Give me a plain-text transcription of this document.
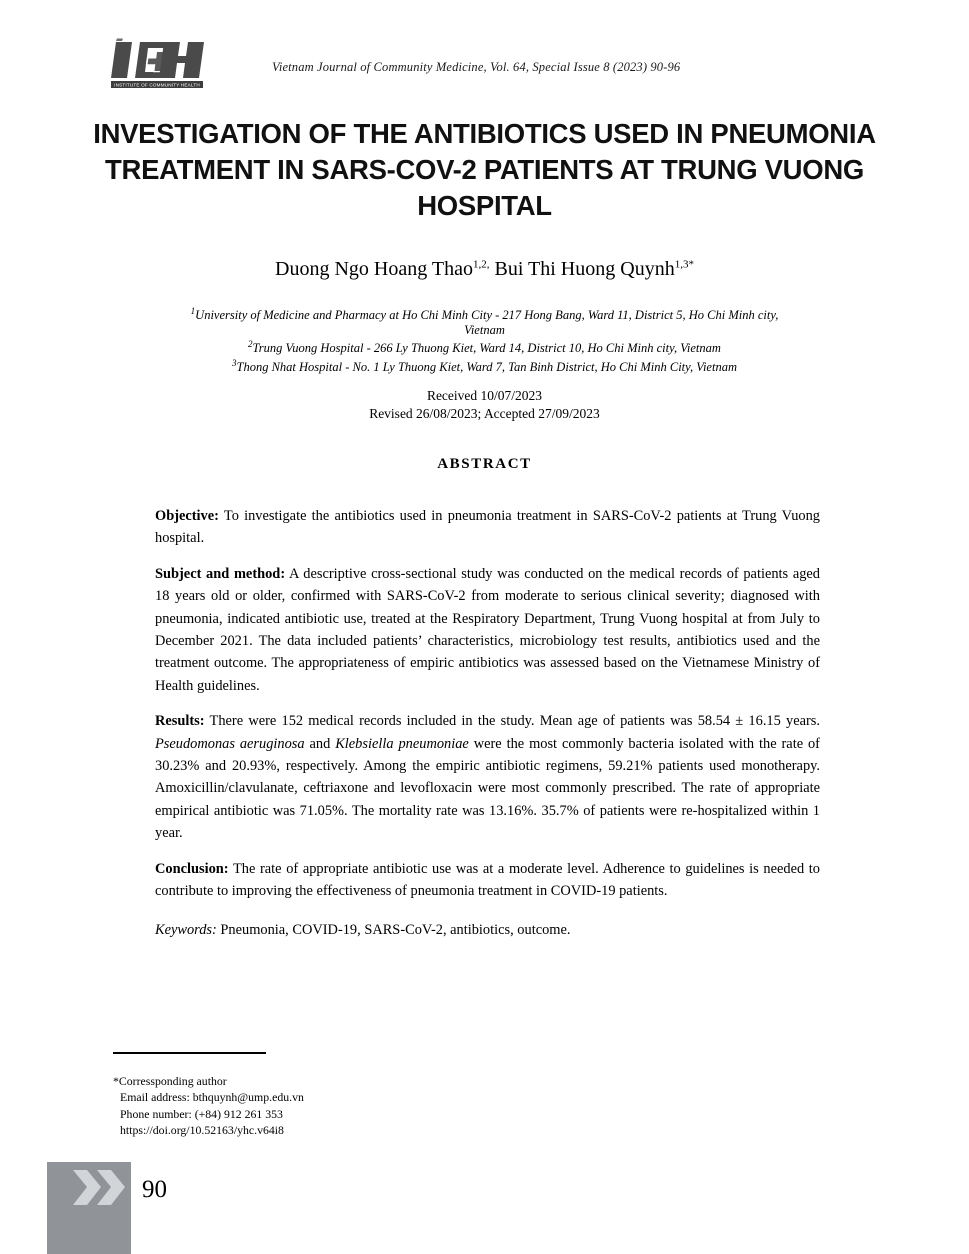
INSTITUTE OF COMMUNITY HEALTH
Vietnam Journal of Community Medicine, Vol. 64, Special Issue 8 (2023) 90-96
INVESTIGATION OF THE ANTIBIOTICS USED IN PNEUMONIA
TREATMENT IN SARS-COV-2 PATIENTS AT TRUNG VUONG
HOSPITAL
Duong Ngo Hoang Thao$^{1,2,}$ Bui Thi Huong Quynh$^{1,3*}$
$^1$University of Medicine and Pharmacy at Ho Chi Minh City - 217 Hong Bang, Ward 11, District 5, Ho Chi Minh city,
Vietnam
$^2$Trung Vuong Hospital - 266 Ly Thuong Kiet, Ward 14, District 10, Ho Chi Minh city, Vietnam
$^3$Thong Nhat Hospital - No. 1 Ly Thuong Kiet, Ward 7, Tan Binh District, Ho Chi Minh City, Vietnam
Received 10/07/2023
Revised 26/08/2023; Accepted 27/09/2023
ABSTRACT

Objective: To investigate the antibiotics used in pneumonia treatment in SARS-CoV-2 patients at Trung Vuong hospital.

Subject and method: A descriptive cross-sectional study was conducted on the medical records of patients aged 18 years old or older, confirmed with SARS-CoV-2 from moderate to serious clinical severity; diagnosed with pneumonia, indicated antibiotic use, treated at the Respiratory Department, Trung Vuong hospital at from July to December 2021. The data included patients’ characteristics, microbiology test results, antibiotics used and the treatment outcome. The appropriateness of empiric antibiotics was assessed based on the Vietnamese Ministry of Health guidelines.

Results: There were 152 medical records included in the study. Mean age of patients was 58.54 ± 16.15 years. Pseudomonas aeruginosa and Klebsiella pneumoniae were the most commonly bacteria isolated with the rate of 30.23% and 20.93%, respectively. Among the empiric antibiotic regimens, 59.21% patients used monotherapy. Amoxicillin/clavulanate, ceftriaxone and levofloxacin were most commonly prescribed. The rate of appropriate empirical antibiotic was 71.05%. The mortality rate was 13.16%. 35.7% of patients were re-hospitalized within 1 year.

Conclusion: The rate of appropriate antibiotic use was at a moderate level. Adherence to guidelines is needed to contribute to improving the effectiveness of pneumonia treatment in COVID-19 patients.

Keywords: Pneumonia, COVID-19, SARS-CoV-2, antibiotics, outcome.

*Corressponding author
Email address: bthquynh@ump.edu.vn
Phone number: (+84) 912 261 353
https://doi.org/10.52163/yhc.v64i8
90
